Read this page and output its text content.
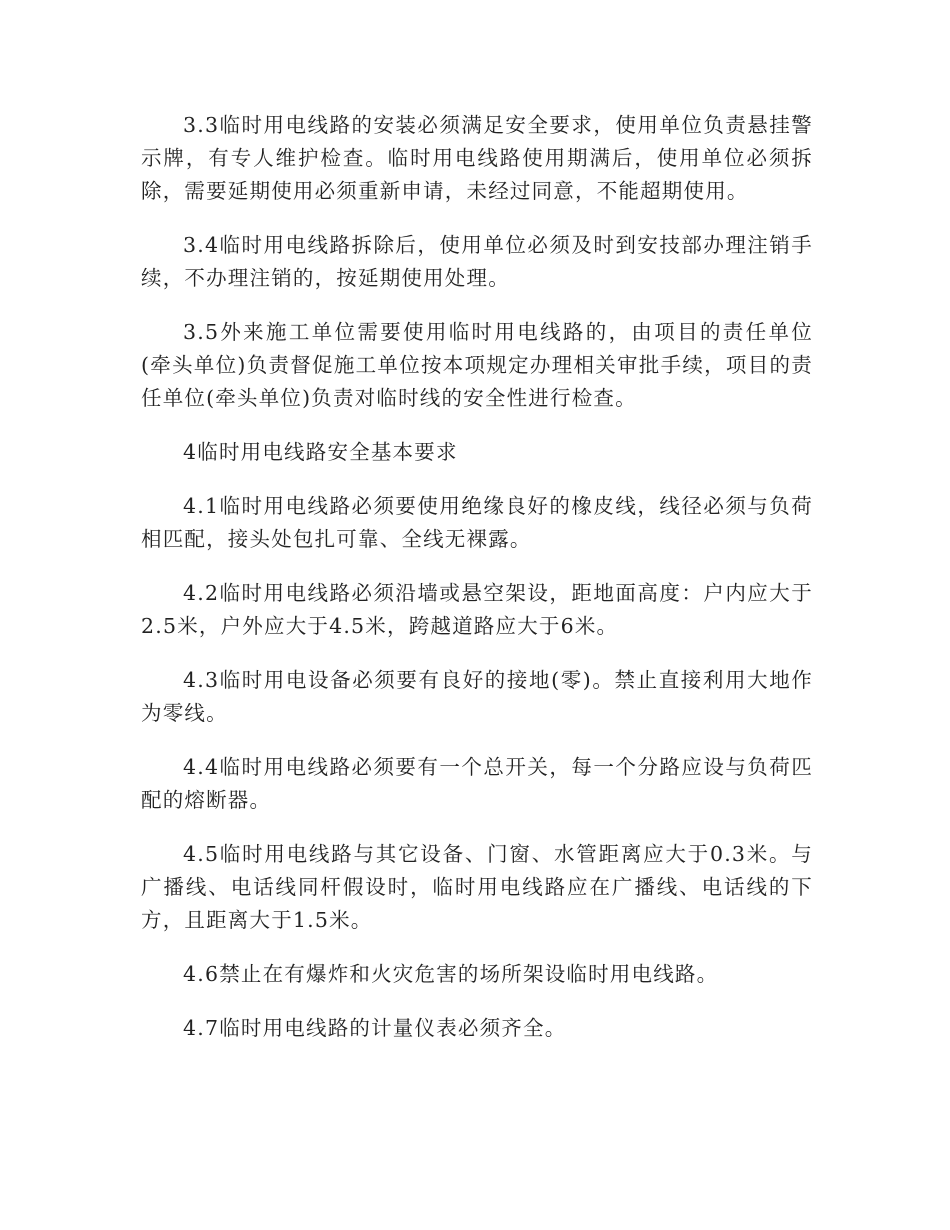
3.3临时用电线路的安装必须满足安全要求，使用单位负责悬挂警示牌，有专人维护检查。临时用电线路使用期满后，使用单位必须拆除，需要延期使用必须重新申请，未经过同意，不能超期使用。

3.4临时用电线路拆除后，使用单位必须及时到安技部办理注销手续，不办理注销的，按延期使用处理。

3.5外来施工单位需要使用临时用电线路的，由项目的责任单位(牵头单位)负责督促施工单位按本项规定办理相关审批手续，项目的责任单位(牵头单位)负责对临时线的安全性进行检查。

4临时用电线路安全基本要求

4.1临时用电线路必须要使用绝缘良好的橡皮线，线径必须与负荷相匹配，接头处包扎可靠、全线无裸露。

4.2临时用电线路必须沿墙或悬空架设，距地面高度：户内应大于2.5米，户外应大于4.5米，跨越道路应大于6米。

4.3临时用电设备必须要有良好的接地(零)。禁止直接利用大地作为零线。

4.4临时用电线路必须要有一个总开关，每一个分路应设与负荷匹配的熔断器。

4.5临时用电线路与其它设备、门窗、水管距离应大于0.3米。与广播线、电话线同杆假设时，临时用电线路应在广播线、电话线的下方，且距离大于1.5米。

4.6禁止在有爆炸和火灾危害的场所架设临时用电线路。

4.7临时用电线路的计量仪表必须齐全。
